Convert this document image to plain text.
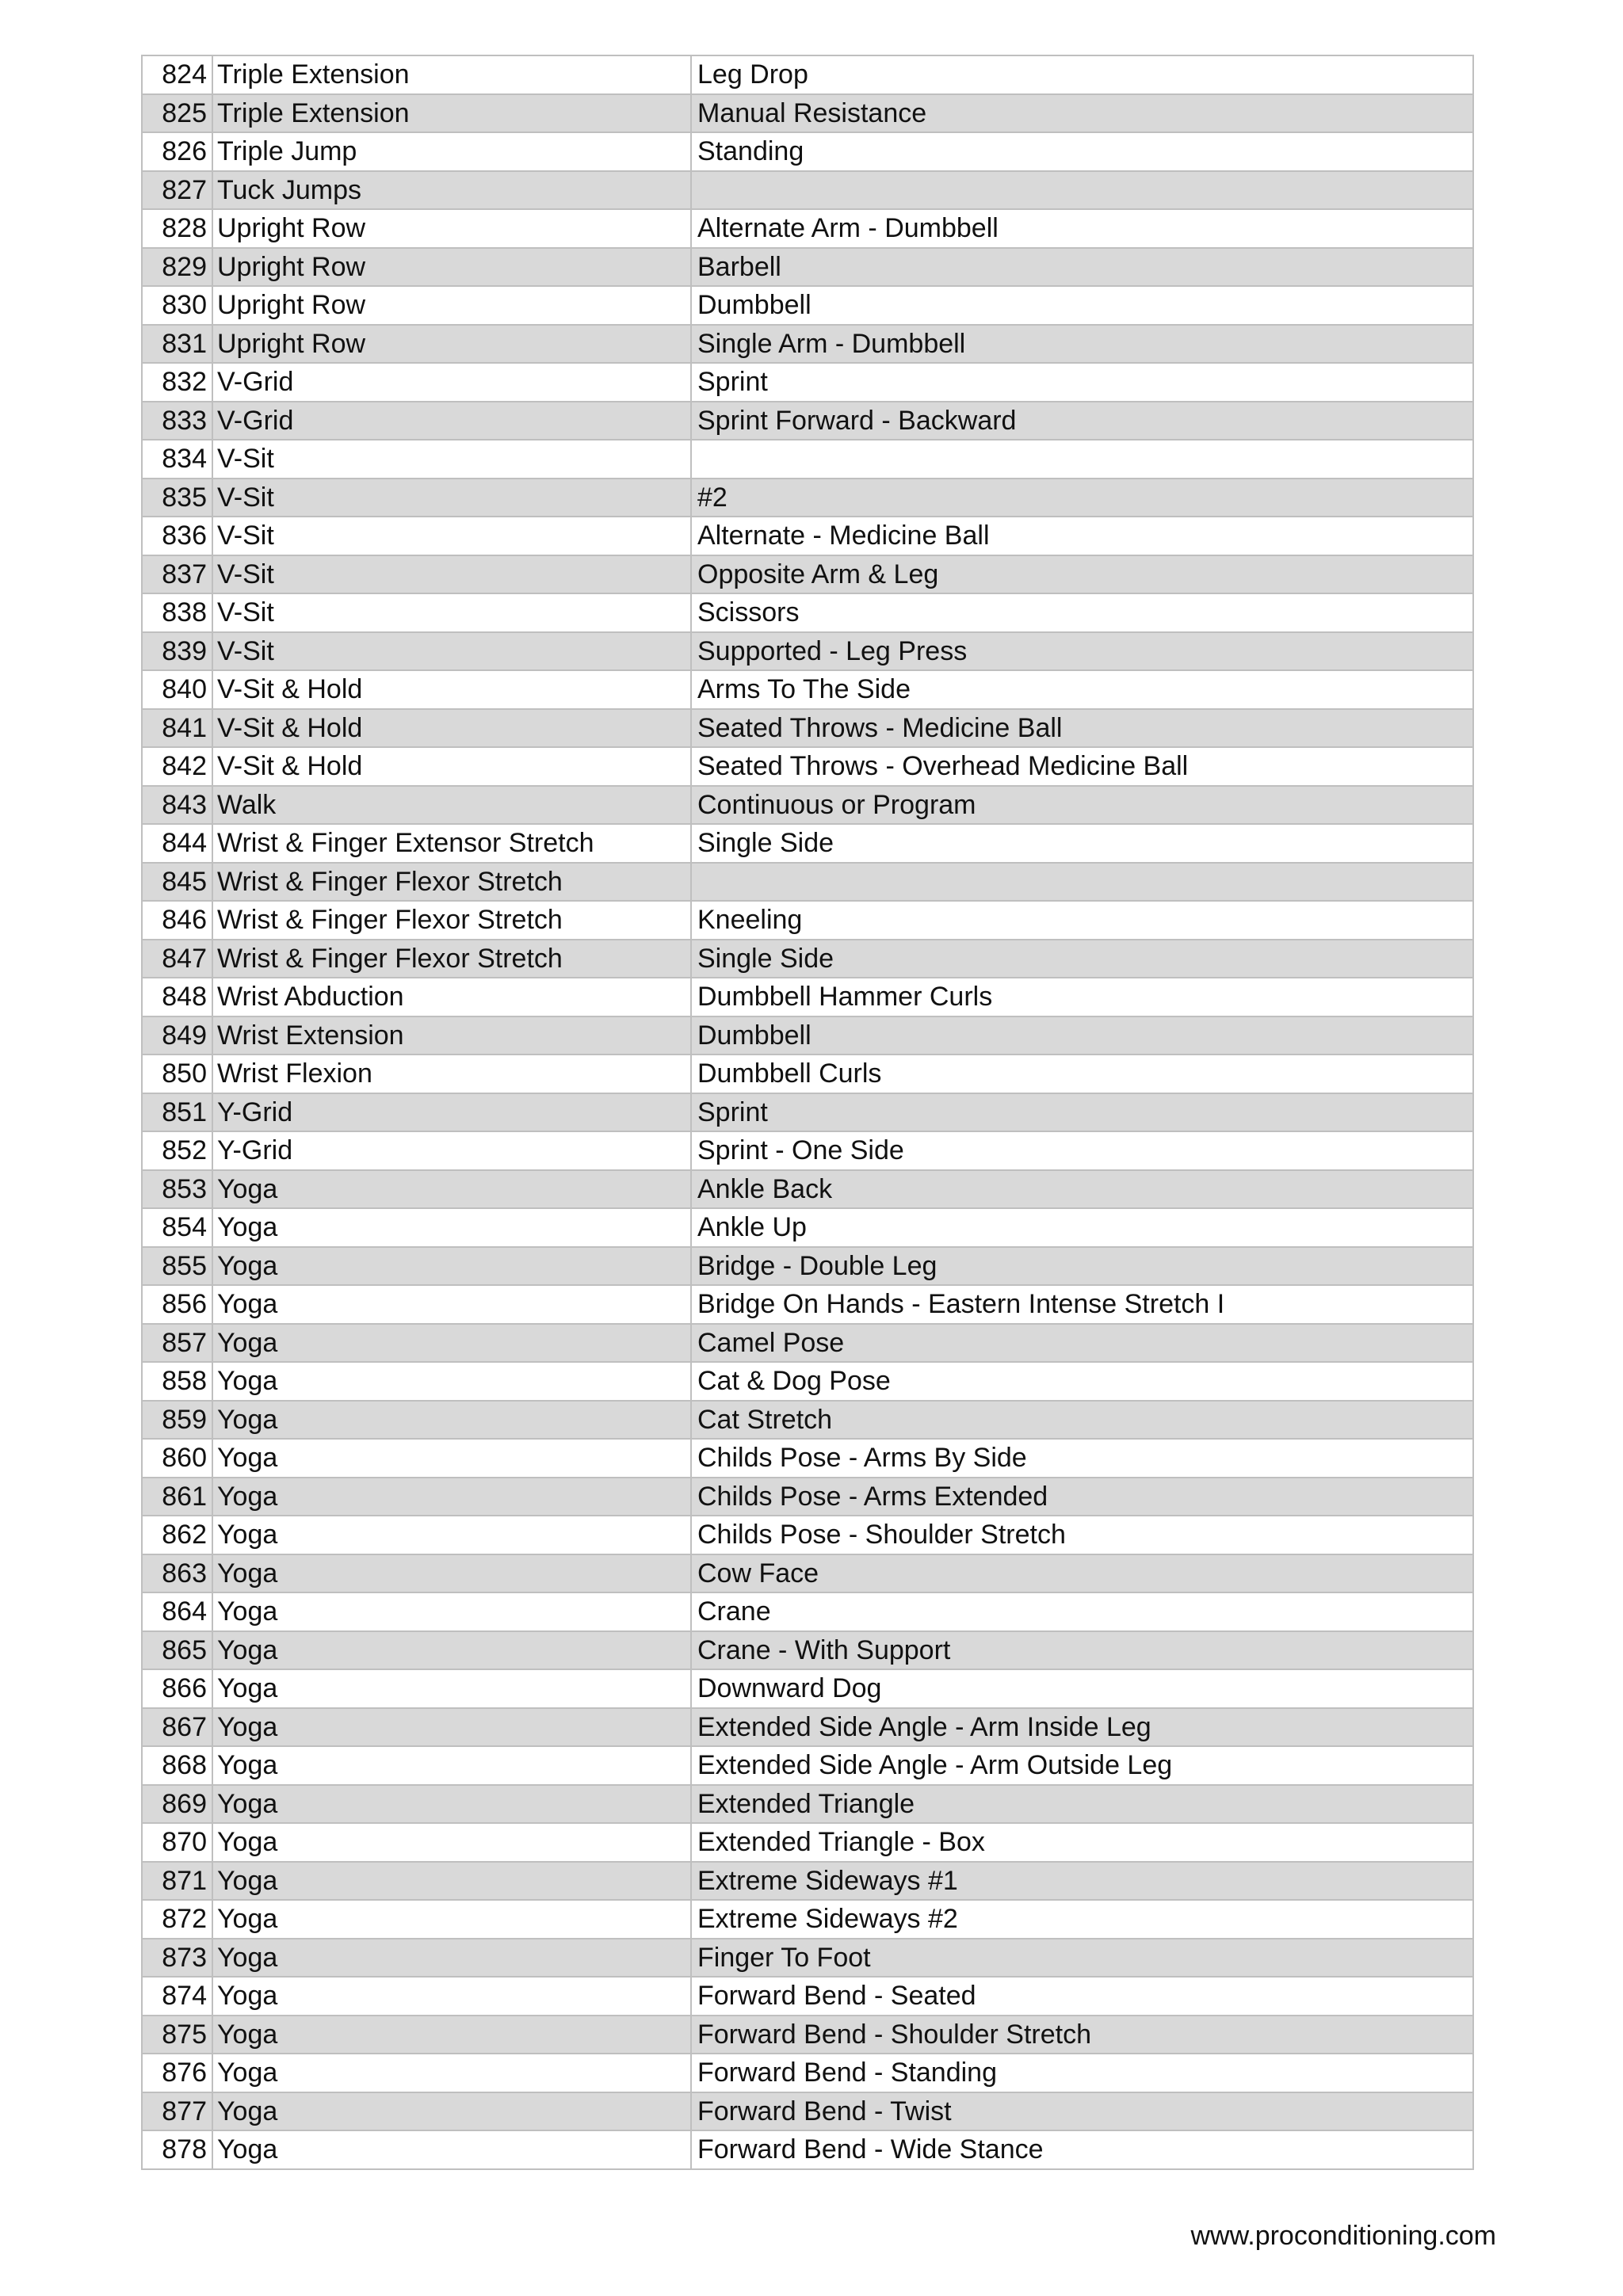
824	Triple Extension	Leg Drop
825	Triple Extension	Manual Resistance
826	Triple Jump	Standing
827	Tuck Jumps	
828	Upright Row	Alternate Arm - Dumbbell
829	Upright Row	Barbell
830	Upright Row	Dumbbell
831	Upright Row	Single Arm - Dumbbell
832	V-Grid	Sprint
833	V-Grid	Sprint Forward - Backward
834	V-Sit	
835	V-Sit	#2
836	V-Sit	Alternate - Medicine Ball
837	V-Sit	Opposite Arm & Leg
838	V-Sit	Scissors
839	V-Sit	Supported - Leg Press
840	V-Sit & Hold	Arms To The Side
841	V-Sit & Hold	Seated Throws - Medicine Ball
842	V-Sit & Hold	Seated Throws - Overhead Medicine Ball
843	Walk	Continuous or Program
844	Wrist & Finger Extensor Stretch	Single Side
845	Wrist & Finger Flexor Stretch	
846	Wrist & Finger Flexor Stretch	Kneeling
847	Wrist & Finger Flexor Stretch	Single Side
848	Wrist Abduction	Dumbbell Hammer Curls
849	Wrist Extension	Dumbbell
850	Wrist Flexion	Dumbbell Curls
851	Y-Grid	Sprint
852	Y-Grid	Sprint - One Side
853	Yoga	Ankle Back
854	Yoga	Ankle Up
855	Yoga	Bridge - Double Leg
856	Yoga	Bridge On Hands - Eastern Intense Stretch I
857	Yoga	Camel Pose
858	Yoga	Cat & Dog Pose
859	Yoga	Cat Stretch
860	Yoga	Childs Pose - Arms By Side
861	Yoga	Childs Pose - Arms Extended
862	Yoga	Childs Pose - Shoulder Stretch
863	Yoga	Cow Face
864	Yoga	Crane
865	Yoga	Crane - With Support
866	Yoga	Downward Dog
867	Yoga	Extended Side Angle - Arm Inside Leg
868	Yoga	Extended Side Angle - Arm Outside Leg
869	Yoga	Extended Triangle
870	Yoga	Extended Triangle - Box
871	Yoga	Extreme Sideways #1
872	Yoga	Extreme Sideways #2
873	Yoga	Finger To Foot
874	Yoga	Forward Bend - Seated
875	Yoga	Forward Bend - Shoulder Stretch
876	Yoga	Forward Bend - Standing
877	Yoga	Forward Bend - Twist
878	Yoga	Forward Bend - Wide Stance
www.proconditioning.com
